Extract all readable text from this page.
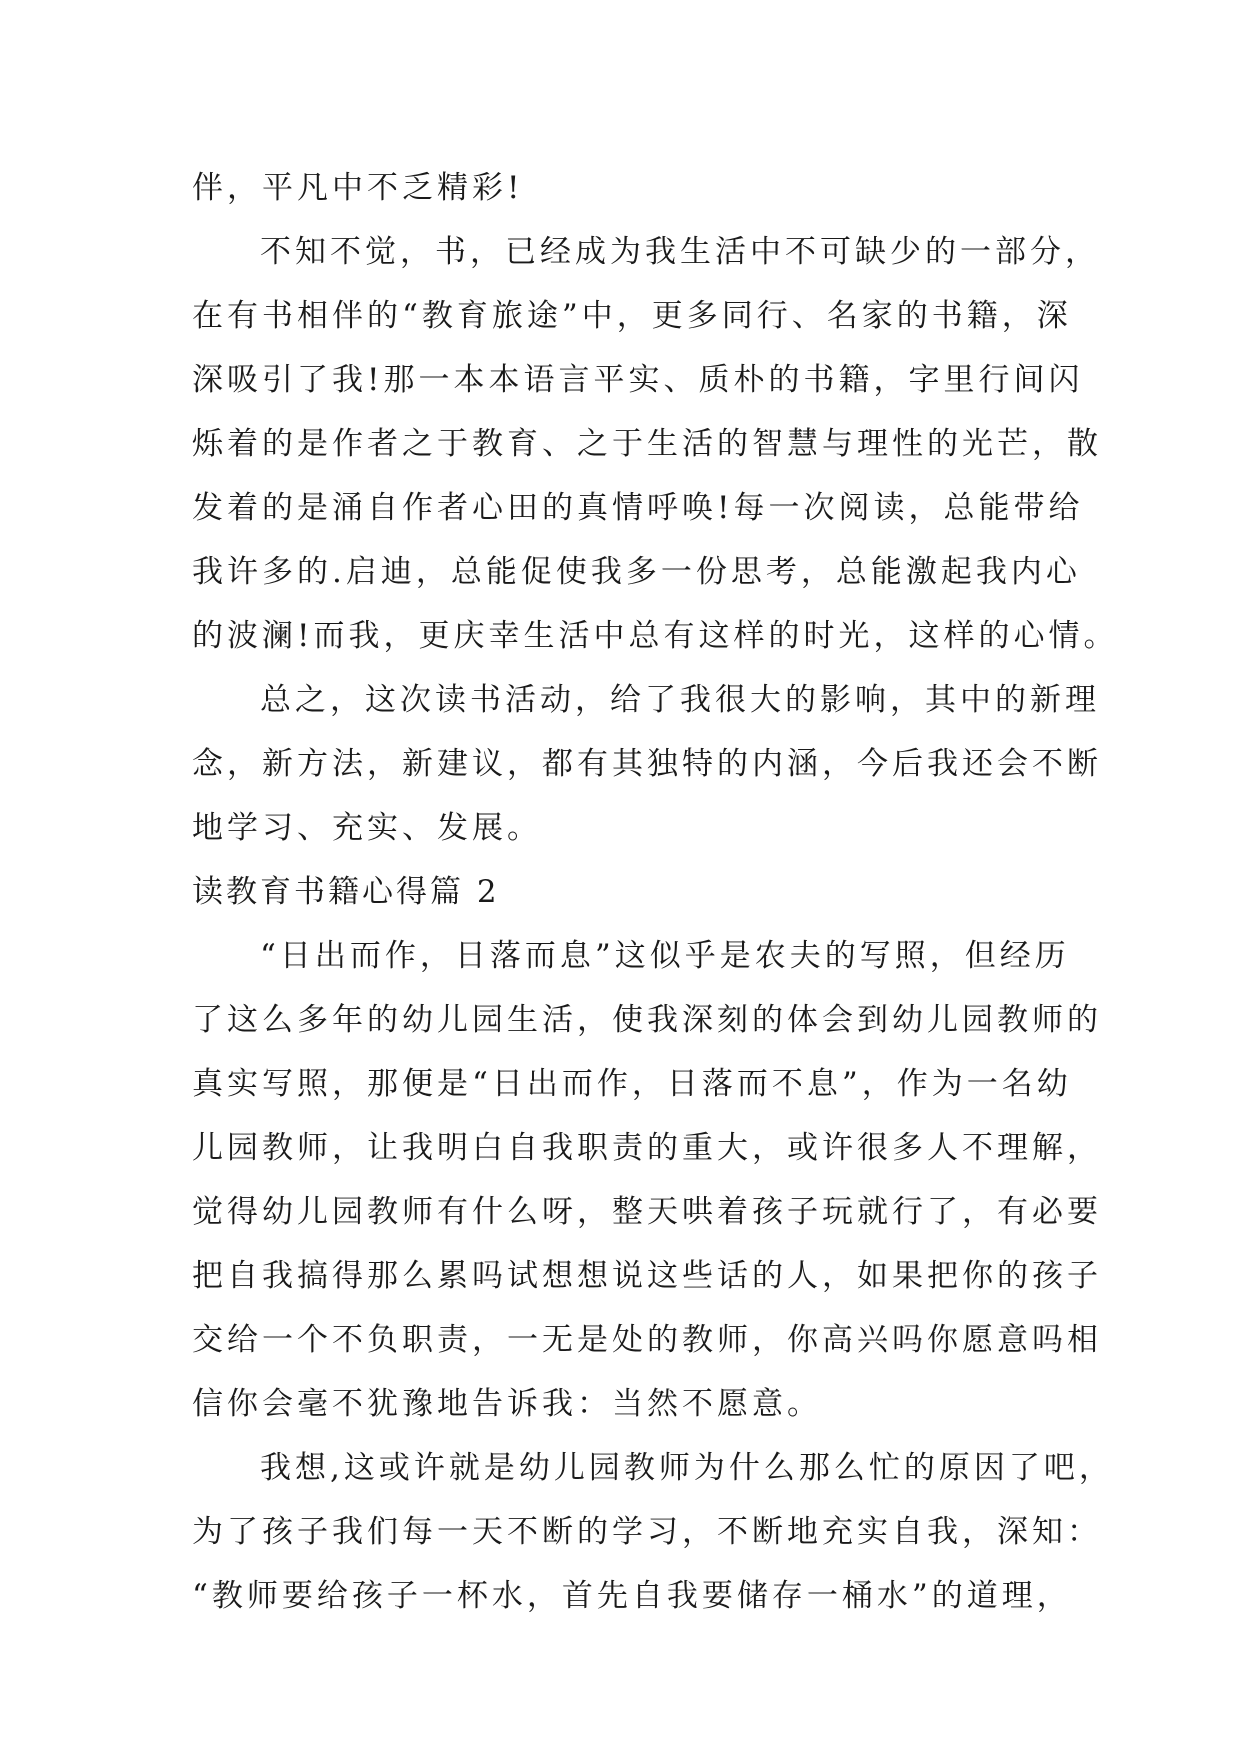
伴，平凡中不乏精彩!
不知不觉，书，已经成为我生活中不可缺少的一部分，
在有书相伴的“教育旅途”中，更多同行、名家的书籍，深
深吸引了我!那一本本语言平实、质朴的书籍，字里行间闪
烁着的是作者之于教育、之于生活的智慧与理性的光芒，散
发着的是涌自作者心田的真情呼唤!每一次阅读，总能带给
我许多的.启迪，总能促使我多一份思考，总能激起我内心
的波澜!而我，更庆幸生活中总有这样的时光，这样的心情。
总之，这次读书活动，给了我很大的影响，其中的新理
念，新方法，新建议，都有其独特的内涵，今后我还会不断
地学习、充实、发展。
读教育书籍心得篇 2
“日出而作，日落而息”这似乎是农夫的写照，但经历
了这么多年的幼儿园生活，使我深刻的体会到幼儿园教师的
真实写照，那便是“日出而作，日落而不息”，作为一名幼
儿园教师，让我明白自我职责的重大，或许很多人不理解，
觉得幼儿园教师有什么呀，整天哄着孩子玩就行了，有必要
把自我搞得那么累吗试想想说这些话的人，如果把你的孩子
交给一个不负职责，一无是处的教师，你高兴吗你愿意吗相
信你会毫不犹豫地告诉我：当然不愿意。
我想,这或许就是幼儿园教师为什么那么忙的原因了吧，
为了孩子我们每一天不断的学习，不断地充实自我，深知：
“教师要给孩子一杯水，首先自我要储存一桶水”的道理，
